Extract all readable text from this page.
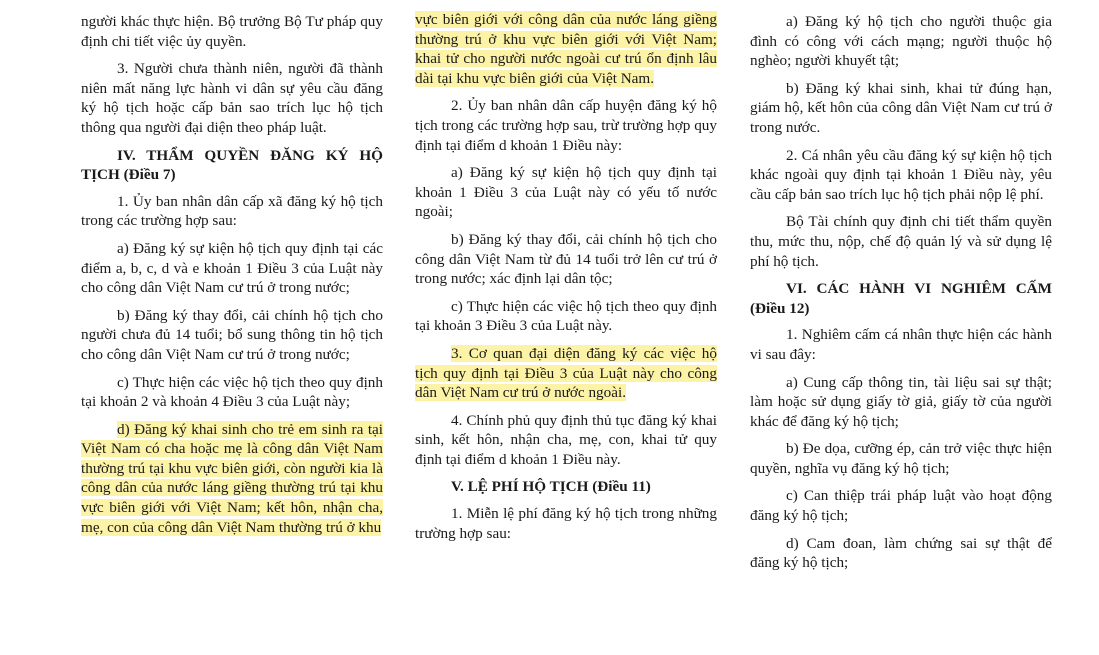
người khác thực hiện. Bộ trưởng Bộ Tư pháp quy định chi tiết việc ủy quyền.

3. Người chưa thành niên, người đã thành niên mất năng lực hành vi dân sự yêu cầu đăng ký hộ tịch hoặc cấp bản sao trích lục hộ tịch thông qua người đại diện theo pháp luật.

IV. THẨM QUYỀN ĐĂNG KÝ HỘ TỊCH (Điều 7)

1. Ủy ban nhân dân cấp xã đăng ký hộ tịch trong các trường hợp sau:

a) Đăng ký sự kiện hộ tịch quy định tại các điểm a, b, c, d và e khoản 1 Điều 3 của Luật này cho công dân Việt Nam cư trú ở trong nước;

b) Đăng ký thay đổi, cải chính hộ tịch cho người chưa đủ 14 tuổi; bổ sung thông tin hộ tịch cho công dân Việt Nam cư trú ở trong nước;

c) Thực hiện các việc hộ tịch theo quy định tại khoản 2 và khoản 4 Điều 3 của Luật này;

d) Đăng ký khai sinh cho trẻ em sinh ra tại Việt Nam có cha hoặc mẹ là công dân Việt Nam thường trú tại khu vực biên giới, còn người kia là công dân của nước láng giềng thường trú tại khu vực biên giới với Việt Nam; kết hôn, nhận cha, mẹ, con của công dân Việt Nam thường trú ở khu

vực biên giới với công dân của nước láng giềng thường trú ở khu vực biên giới với Việt Nam; khai tử cho người nước ngoài cư trú ổn định lâu dài tại khu vực biên giới của Việt Nam.

2. Ủy ban nhân dân cấp huyện đăng ký hộ tịch trong các trường hợp sau, trừ trường hợp quy định tại điểm d khoản 1 Điều này:

a) Đăng ký sự kiện hộ tịch quy định tại khoản 1 Điều 3 của Luật này có yếu tố nước ngoài;

b) Đăng ký thay đổi, cải chính hộ tịch cho công dân Việt Nam từ đủ 14 tuổi trở lên cư trú ở trong nước; xác định lại dân tộc;

c) Thực hiện các việc hộ tịch theo quy định tại khoản 3 Điều 3 của Luật này.

3. Cơ quan đại diện đăng ký các việc hộ tịch quy định tại Điều 3 của Luật này cho công dân Việt Nam cư trú ở nước ngoài.

4. Chính phủ quy định thủ tục đăng ký khai sinh, kết hôn, nhận cha, mẹ, con, khai tử quy định tại điểm d khoản 1 Điều này.

V. LỆ PHÍ HỘ TỊCH (Điều 11)

1. Miễn lệ phí đăng ký hộ tịch trong những trường hợp sau:

a) Đăng ký hộ tịch cho người thuộc gia đình có công với cách mạng; người thuộc hộ nghèo; người khuyết tật;

b) Đăng ký khai sinh, khai tử đúng hạn, giám hộ, kết hôn của công dân Việt Nam cư trú ở trong nước.

2. Cá nhân yêu cầu đăng ký sự kiện hộ tịch khác ngoài quy định tại khoản 1 Điều này, yêu cầu cấp bản sao trích lục hộ tịch phải nộp lệ phí.

Bộ Tài chính quy định chi tiết thẩm quyền thu, mức thu, nộp, chế độ quản lý và sử dụng lệ phí hộ tịch.

VI. CÁC HÀNH VI NGHIÊM CẤM (Điều 12)

1. Nghiêm cấm cá nhân thực hiện các hành vi sau đây:

a) Cung cấp thông tin, tài liệu sai sự thật; làm hoặc sử dụng giấy tờ giả, giấy tờ của người khác để đăng ký hộ tịch;

b) Đe dọa, cưỡng ép, cản trở việc thực hiện quyền, nghĩa vụ đăng ký hộ tịch;

c) Can thiệp trái pháp luật vào hoạt động đăng ký hộ tịch;

d) Cam đoan, làm chứng sai sự thật để đăng ký hộ tịch;
